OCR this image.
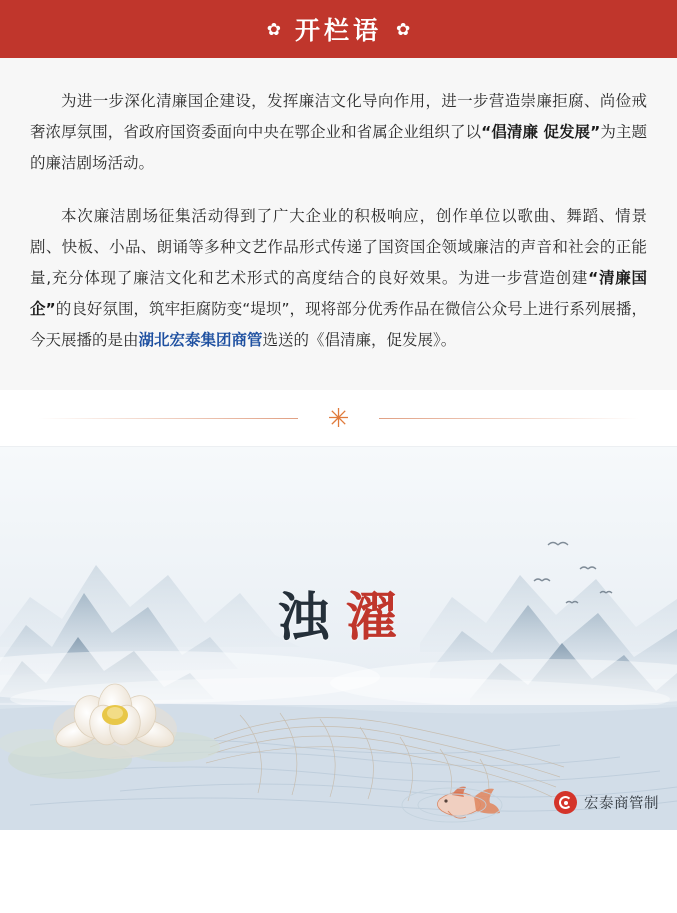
✿ 开栏语 ✿

为进一步深化清廉国企建设，发挥廉洁文化导向作用，进一步营造崇廉拒腐、尚俭戒奢浓厚氛围，省政府国资委面向中央在鄂企业和省属企业组织了以“倡清廉 促发展”为主题的廉洁剧场活动。

本次廉洁剧场征集活动得到了广大企业的积极响应，创作单位以歌曲、舞蹈、情景剧、快板、小品、朗诵等多种文艺作品形式传递了国资国企领域廉洁的声音和社会的正能量,充分体现了廉洁文化和艺术形式的高度结合的良好效果。为进一步营造创建“清廉国企”的良好氛围，筑牢拒腐防变“堤坝”，现将部分优秀作品在微信公众号上进行系列展播，今天展播的是由湖北宏泰集团商管选送的《倡清廉，促发展》。

✳
浊 濯
宏泰商管制
